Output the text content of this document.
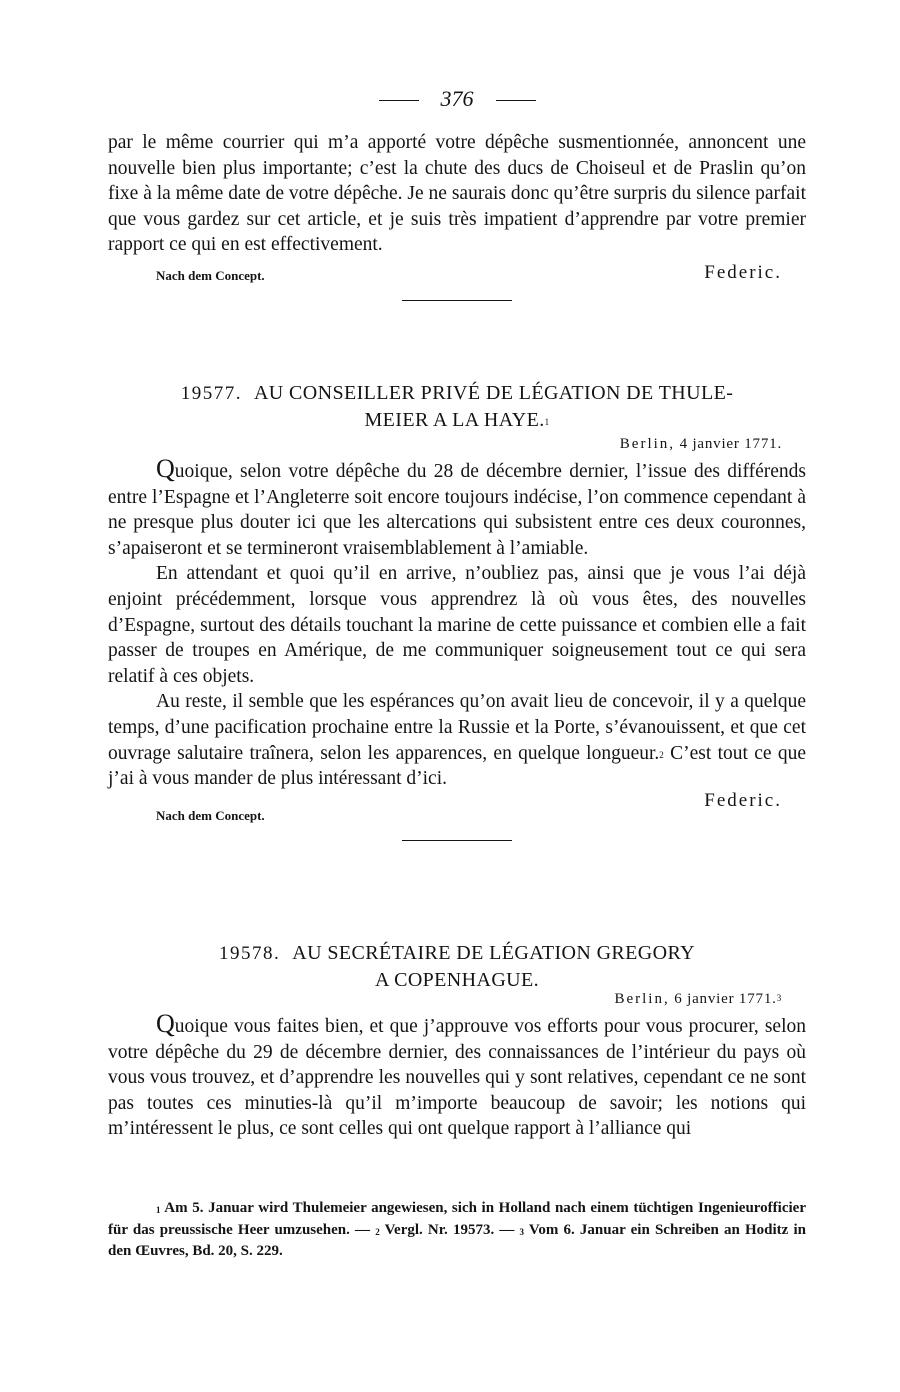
376

par le même courrier qui m’a apporté votre dépêche susmentionnée, annoncent une nouvelle bien plus importante; c’est la chute des ducs de Choiseul et de Praslin qu’on fixe à la même date de votre dépêche. Je ne saurais donc qu’être surpris du silence parfait que vous gardez sur cet article, et je suis très impatient d’apprendre par votre premier rapport ce qui en est effectivement.

Nach dem Concept.	Federic.
19577. AU CONSEILLER PRIVÉ DE LÉGATION DE THULE-
MEIER A LA HAYE.$^1$
Berlin, 4 janvier 1771.

Quoique, selon votre dépêche du 28 de décembre dernier, l’issue des différends entre l’Espagne et l’Angleterre soit encore toujours indécise, l’on commence cependant à ne presque plus douter ici que les altercations qui subsistent entre ces deux couronnes, s’apaiseront et se termineront vraisemblablement à l’amiable.

En attendant et quoi qu’il en arrive, n’oubliez pas, ainsi que je vous l’ai déjà enjoint précédemment, lorsque vous apprendrez là où vous êtes, des nouvelles d’Espagne, surtout des détails touchant la marine de cette puissance et combien elle a fait passer de troupes en Amérique, de me communiquer soigneusement tout ce qui sera relatif à ces objets.

Au reste, il semble que les espérances qu’on avait lieu de concevoir, il y a quelque temps, d’une pacification prochaine entre la Russie et la Porte, s’évanouissent, et que cet ouvrage salutaire traînera, selon les apparences, en quelque longueur.$^2$ C’est tout ce que j’ai à vous mander de plus intéressant d’ici.

Federic.
Nach dem Concept.
19578. AU SECRÉTAIRE DE LÉGATION GREGORY
A COPENHAGUE.
Berlin, 6 janvier 1771.$^3$

Quoique vous faites bien, et que j’approuve vos efforts pour vous procurer, selon votre dépêche du 29 de décembre dernier, des connaissances de l’intérieur du pays où vous vous trouvez, et d’apprendre les nouvelles qui y sont relatives, cependant ce ne sont pas toutes ces minuties-là qu’il m’importe beaucoup de savoir; les notions qui m’intéressent le plus, ce sont celles qui ont quelque rapport à l’alliance qui

$^1$ Am 5. Januar wird Thulemeier angewiesen, sich in Holland nach einem tüchtigen Ingenieurofficier für das preussische Heer umzusehen. — $^2$ Vergl. Nr. 19573. — $^3$ Vom 6. Januar ein Schreiben an Hoditz in den Œuvres, Bd. 20, S. 229.
